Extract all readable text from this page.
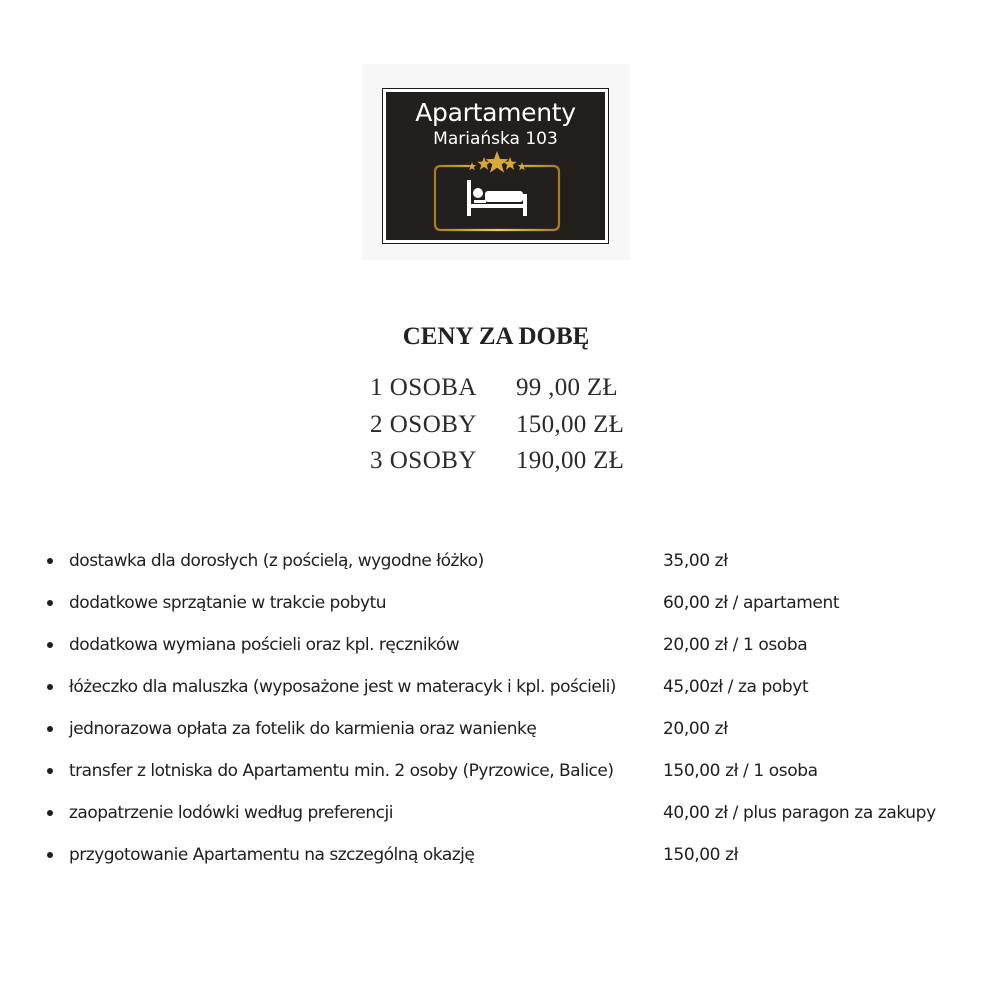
Apartamenty
Mariańska 103
CENY ZA DOBĘ
1 OSOBA 99 ,00 ZŁ
2 OSOBY 150,00 ZŁ
3 OSOBY 190,00 ZŁ
dostawka dla dorosłych (z pościelą, wygodne łóżko)	35,00 zł
dodatkowe sprzątanie w trakcie pobytu	60,00 zł / apartament
dodatkowa wymiana pościeli oraz kpl. ręczników	20,00 zł / 1 osoba
łóżeczko dla maluszka (wyposażone jest w materacyk i kpl. pościeli)	45,00zł / za pobyt
jednorazowa opłata za fotelik do karmienia oraz wanienkę	20,00 zł
transfer z lotniska do Apartamentu min. 2 osoby (Pyrzowice, Balice)	150,00 zł / 1 osoba
zaopatrzenie lodówki według preferencji	40,00 zł / plus paragon za zakupy
przygotowanie Apartamentu na szczególną okazję	150,00 zł
